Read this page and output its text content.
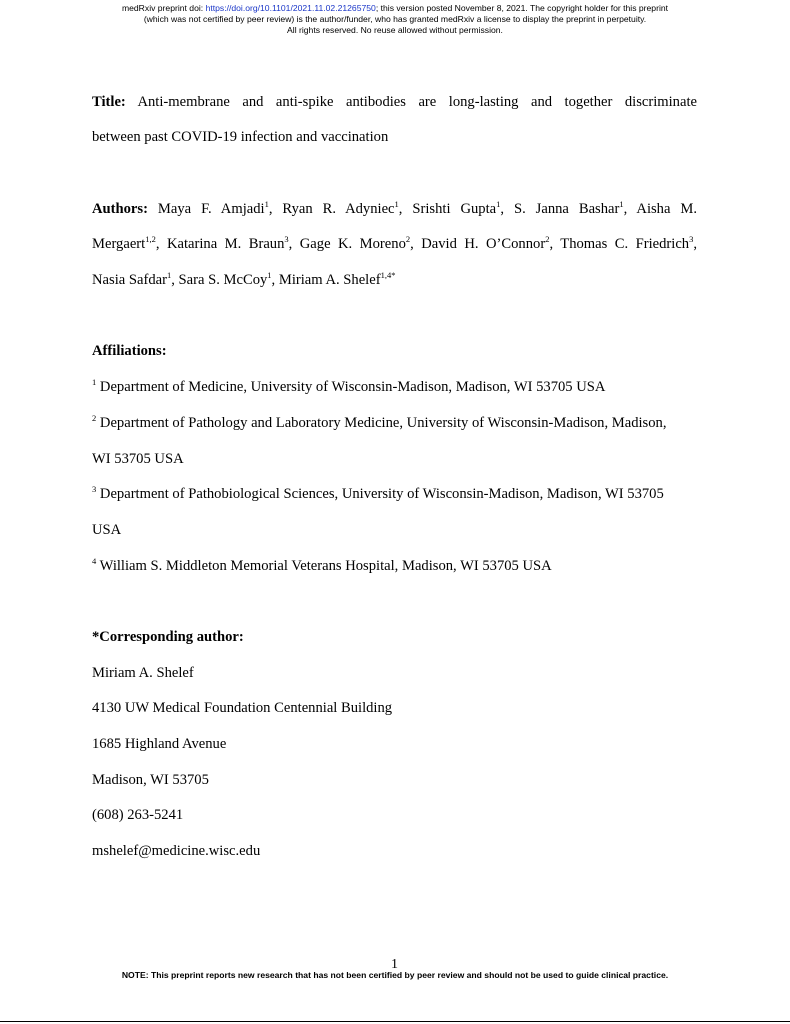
medRxiv preprint doi: https://doi.org/10.1101/2021.11.02.21265750; this version posted November 8, 2021. The copyright holder for this preprint
(which was not certified by peer review) is the author/funder, who has granted medRxiv a license to display the preprint in perpetuity.
All rights reserved. No reuse allowed without permission.
Title: Anti-membrane and anti-spike antibodies are long-lasting and together discriminate
between past COVID-19 infection and vaccination
Authors: Maya F. Amjadi$^1$, Ryan R. Adyniec$^1$, Srishti Gupta$^1$, S. Janna Bashar$^1$, Aisha M.
Mergaert$^{1,2}$, Katarina M. Braun$^3$, Gage K. Moreno$^2$, David H. O’Connor$^2$, Thomas C. Friedrich$^3$,
Nasia Safdar$^1$, Sara S. McCoy$^1$, Miriam A. Shelef$^{1,4*}$
Affiliations:
$^1$ Department of Medicine, University of Wisconsin-Madison, Madison, WI 53705 USA
$^2$ Department of Pathology and Laboratory Medicine, University of Wisconsin-Madison, Madison,
WI 53705 USA
$^3$ Department of Pathobiological Sciences, University of Wisconsin-Madison, Madison, WI 53705
USA
$^4$ William S. Middleton Memorial Veterans Hospital, Madison, WI 53705 USA
*Corresponding author:
Miriam A. Shelef
4130 UW Medical Foundation Centennial Building
1685 Highland Avenue
Madison, WI 53705
(608) 263-5241
mshelef@medicine.wisc.edu
1
NOTE: This preprint reports new research that has not been certified by peer review and should not be used to guide clinical practice.
